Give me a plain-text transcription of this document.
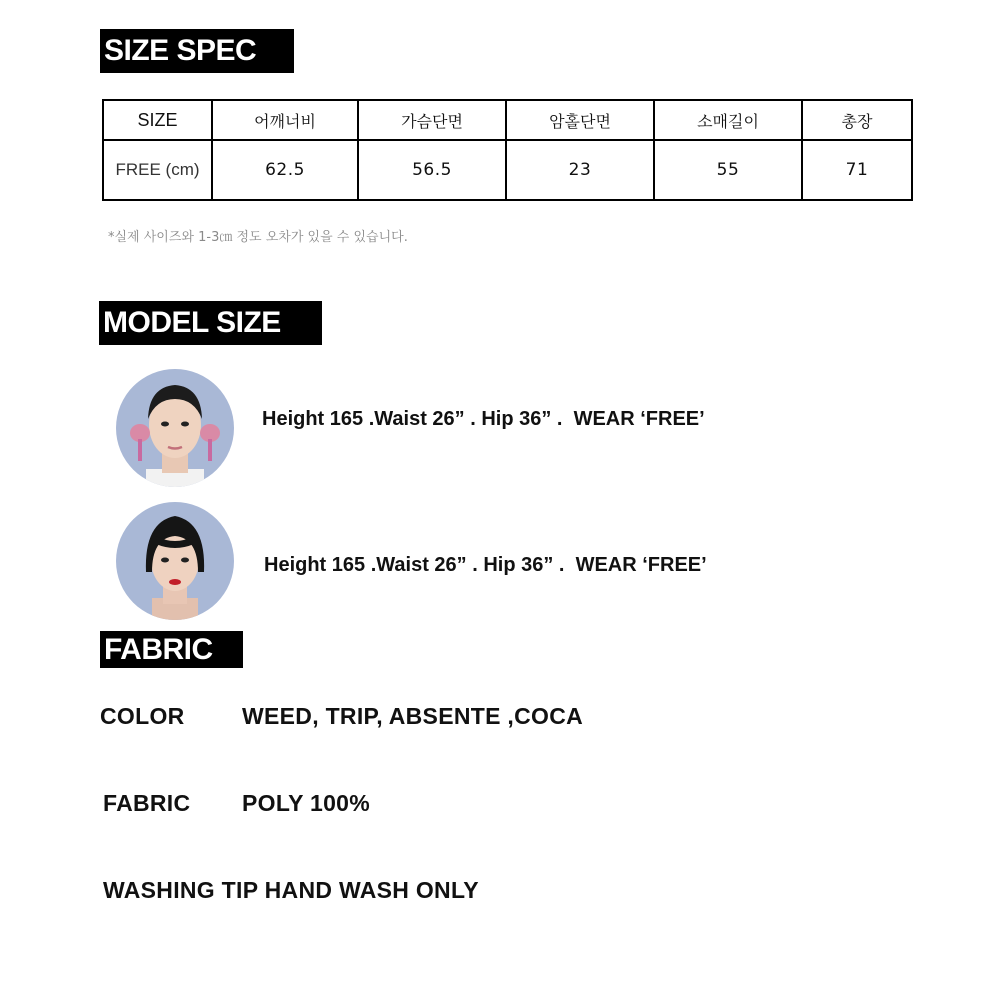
SIZE SPEC
SIZE	어깨너비	가슴단면	암홀단면	소매길이	총장
FREE (cm)	62.5	56.5	23	55	71
*실제 사이즈와 1-3㎝ 정도 오차가 있을 수 있습니다.
MODEL SIZE
Height 165 .Waist 26” . Hip 36” .  WEAR ‘FREE’
Height 165 .Waist 26” . Hip 36” .  WEAR ‘FREE’
FABRIC
COLOR WEED, TRIP, ABSENTE ,COCA
FABRIC POLY 100%
WASHING TIP HAND WASH ONLY
